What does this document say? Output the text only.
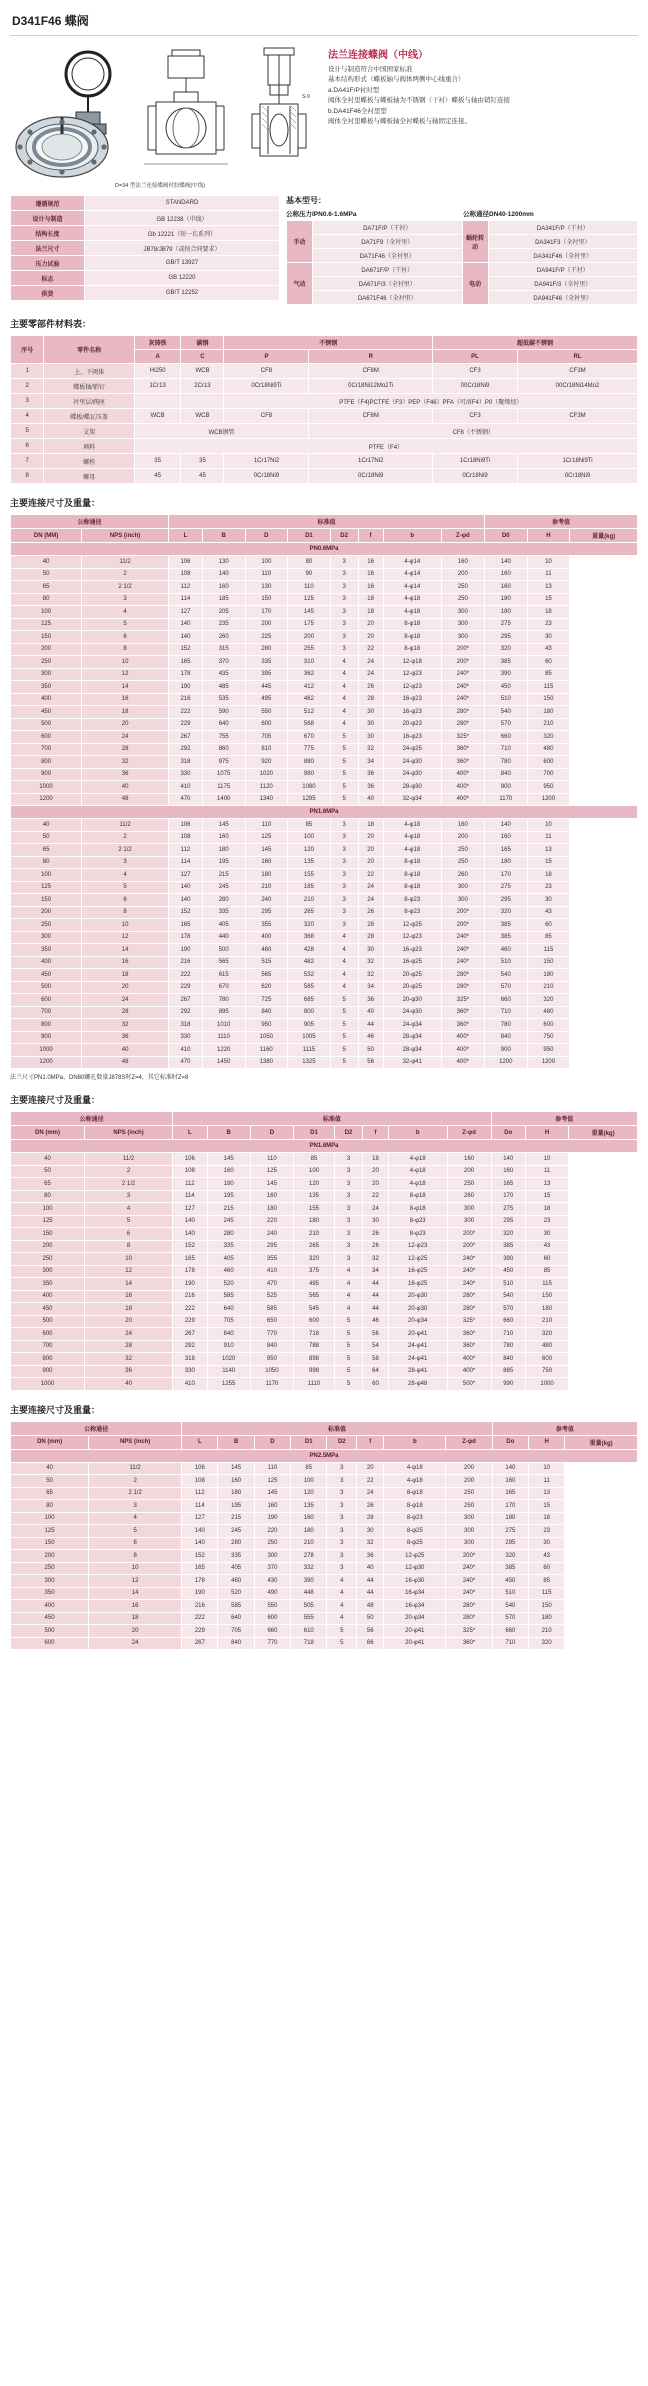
D341F46 蝶阀
S-9
法兰连接蝶阀（中线）

设计与制造符合中国国家标准

基本结构形式（蝶板轴与阀体两侧中心线重合）

a.DA41F/P衬时型

阀体全衬里蝶板与蝶板轴为不锈钢（干衬）蝶板与轴由销钉连接

b.DA41F46全衬里型

阀体全衬里蝶板与蝶板轴全衬蝶板与轴固定连接。

D=34 型法兰连接蝶阀衬胶蝶阀(中线)
遵循规范	STANDARD
设计与制造	GB 12238（中线）
结构长度	Gb 12221（短一长系列）
法兰尺寸	JB78/JB79（或按合同要求）
压力试验	GB/T 13927
标志	GB 12220
供货	GB/T 12252
基本型号：
公称压力IPN0.6-1.6MPa	公称通径DN40-1200mm
手动	DA71F/P（干衬）	蜗轮转动	DA341F/P（干衬）
	DA71F9（全衬里）		DA341F3（全衬里）
	DA71F46（全衬里）		DA341F46（全衬里）
气动	DA671F/P（干衬）	电动	DA941F/P（干衬）
	DA671F/3（全衬里）		DA941F/3（全衬里）
	DA671F46（全衬里）		DA941F46（全衬里）
主要零部件材料表：
序号	零件名称	灰铸铁	碳钢	不锈钢		超低碳不锈钢	
		A	C	P	R	PL	RL
1	上、下阀体	HI250	WCB	CF8	CF8M	CF3	CF3M
2	蝶板轴/销钉	1Cr13	2Cr13	0Cr18Ni9Ti	0Cr18Ni12Mo2Ti	00Cr18Ni9	00Cr18Ni14Mo2
3	衬里层/阀座			PTFE（F4)PCTFE（F3）PEP（F46）PFA（可溶F4）P0（聚烯烃）			
4	蝶板/蝶瓦压盖	WCB	WCB	CF8	CF8M	CF3	CF3M
5	支架	WCB钢管			CF8（不锈钢）		
6	填料	PTFE（F4）					
7	螺栓	35	35	1Cr17Ni2	1Cr17Ni2	1Cr18Ni9Ti	1Cr18Ni9Ti
8	螺母	45	45	0Cr18Ni9	0Cr18Ni9	0Cr18Ni9	0Cr18Ni9
主要连接尺寸及重量：
公称通径		标准值								参考值		
DN (MM)	NPS (inch)	L	B	D	D1	D2	f	b	Z-φd	D0	H	重量(kg)
PN0.6MPa												
40	11/2	106	130	100	80	3	16	4-φ14	160	140	10	
50	2	108	140	110	90	3	16	4-φ14	200	160	11	
65	2 1/2	112	160	130	110	3	16	4-φ14	250	160	13	
80	3	114	185	150	125	3	18	4-φ18	250	180	15	
100	4	127	205	170	145	3	18	4-φ18	300	180	18	
125	5	140	235	200	175	3	20	8-φ18	300	275	23	
150	6	140	260	225	200	3	20	8-φ18	300	295	30	
200	8	152	315	280	255	3	22	8-φ18	200*	320	43	
250	10	165	370	335	310	4	24	12-φ18	200*	385	60	
300	12	178	435	395	362	4	24	12-φ23	240*	390	85	
350	14	190	485	445	412	4	26	12-φ23	240*	450	115	
400	16	216	535	495	462	4	28	16-φ23	240*	510	150	
450	18	222	590	550	512	4	30	16-φ23	280*	540	180	
500	20	229	640	600	568	4	30	20-φ23	280*	570	210	
600	24	267	755	705	670	5	30	16-φ23	325*	660	320	
700	28	292	860	810	775	5	32	24-φ25	360*	710	480	
800	32	318	975	920	880	5	34	24-φ30	360*	780	600	
900	36	330	1075	1020	980	5	36	24-φ30	400*	840	700	
1000	40	410	1175	1120	1080	5	36	28-φ30	400*	900	950	
1200	48	470	1400	1340	1295	5	40	32-φ34	400*	1170	1200	
PN1.6MPa												
40	11/2	106	145	110	85	3	18	4-φ18	160	140	10	
50	2	108	160	125	100	3	20	4-φ18	200	160	11	
65	2 1/2	112	180	145	120	3	20	4-φ18	250	165	13	
80	3	114	195	160	135	3	20	8-φ18	250	180	15	
100	4	127	215	180	155	3	22	8-φ18	260	170	18	
125	5	140	245	210	185	3	24	8-φ18	300	275	23	
150	6	140	280	240	210	3	24	8-φ23	300	295	30	
200	8	152	335	295	265	3	26	8-φ23	200*	320	43	
250	10	165	405	355	320	3	28	12-φ25	200*	385	60	
300	12	178	440	400	368	4	28	12-φ23	240*	385	85	
350	14	190	500	460	428	4	30	16-φ23	240*	460	115	
400	16	216	565	515	482	4	32	16-φ25	240*	510	150	
450	18	222	615	565	532	4	32	20-φ25	280*	540	180	
500	20	229	670	620	585	4	34	20-φ25	280*	570	210	
600	24	267	780	725	685	5	36	20-φ30	325*	660	320	
700	28	292	895	840	800	5	40	24-φ30	360*	710	480	
800	32	318	1010	950	905	5	44	24-φ34	360*	780	600	
900	36	330	1110	1050	1005	5	46	28-φ34	400*	840	750	
1000	40	410	1220	1160	1115	5	50	28-φ34	400*	900	950	
1200	48	470	1450	1380	1325	5	56	32-φ41	400*	1200	1200	
法兰尺寸PN1.0MPa、DN80螺孔数量J878S时Z=4，其它标准时Z=8
主要连接尺寸及重量：
公称通径		标准值								参考值		
DN (mm)	NPS (inch)	L	B	D	D1	D2	f	b	Z-φd	Do	H	重量(kg)
PN1.6MPa												
40	11/2	106	145	110	85	3	18	4-φ18	160	140	10	
50	2	108	160	125	100	3	20	4-φ18	200	160	11	
65	2 1/2	112	180	145	120	3	20	4-φ18	250	165	13	
80	3	114	195	160	135	3	22	8-φ18	260	170	15	
100	4	127	215	180	155	3	24	8-φ18	300	275	18	
125	5	140	245	220	180	3	30	8-φ23	300	295	23	
150	6	140	280	240	210	3	26	8-φ23	200*	320	30	
200	8	152	335	295	265	3	26	12-φ23	200*	385	43	
250	10	165	405	355	320	3	32	12-φ25	240*	390	60	
300	12	178	460	410	375	4	34	16-φ25	240*	450	85	
350	14	190	520	470	495	4	44	16-φ25	240*	510	115	
400	16	216	585	525	565	4	44	20-φ30	280*	540	150	
450	18	222	640	585	545	4	44	20-φ30	280*	570	180	
500	20	229	705	650	600	5	46	20-φ34	325*	660	210	
600	24	267	840	770	718	5	56	20-φ41	360*	710	320	
700	28	292	910	840	788	5	54	24-φ41	360*	780	480	
800	32	318	1020	950	898	5	58	24-φ41	400*	840	600	
900	36	330	1140	1050	998	5	64	28-φ41	400*	885	750	
1000	40	410	1255	1170	1110	5	60	28-φ48	500*	990	1000	
主要连接尺寸及重量：
公称通径		标准值								参考值		
DN (mm)	NPS (inch)	L	B	D	D1	D2	f	b	Z-φd	Do	H	重量(kg)
PN2.5MPa												
40	11/2	106	145	110	85	3	20	4-φ18	200	140	10	
50	2	108	160	125	100	3	22	4-φ18	200	160	11	
65	2 1/2	112	180	145	120	3	24	8-φ18	250	165	13	
80	3	114	195	160	135	3	26	8-φ18	250	170	15	
100	4	127	215	190	160	3	28	8-φ23	300	180	18	
125	5	140	245	220	180	3	30	8-φ25	300	275	23	
150	6	140	280	250	210	3	32	8-φ25	300	295	30	
200	8	152	335	300	278	3	36	12-φ25	200*	320	43	
250	10	165	405	370	332	3	40	12-φ30	240*	385	60	
300	12	178	460	430	390	4	44	16-φ30	240*	450	85	
350	14	190	520	490	448	4	44	16-φ34	240*	510	115	
400	16	216	585	550	505	4	48	16-φ34	280*	540	150	
450	18	222	640	600	555	4	50	20-φ34	280*	570	180	
500	20	229	705	660	610	5	56	20-φ41	325*	660	210	
600	24	267	840	770	718	5	66	20-φ41	360*	710	320	
